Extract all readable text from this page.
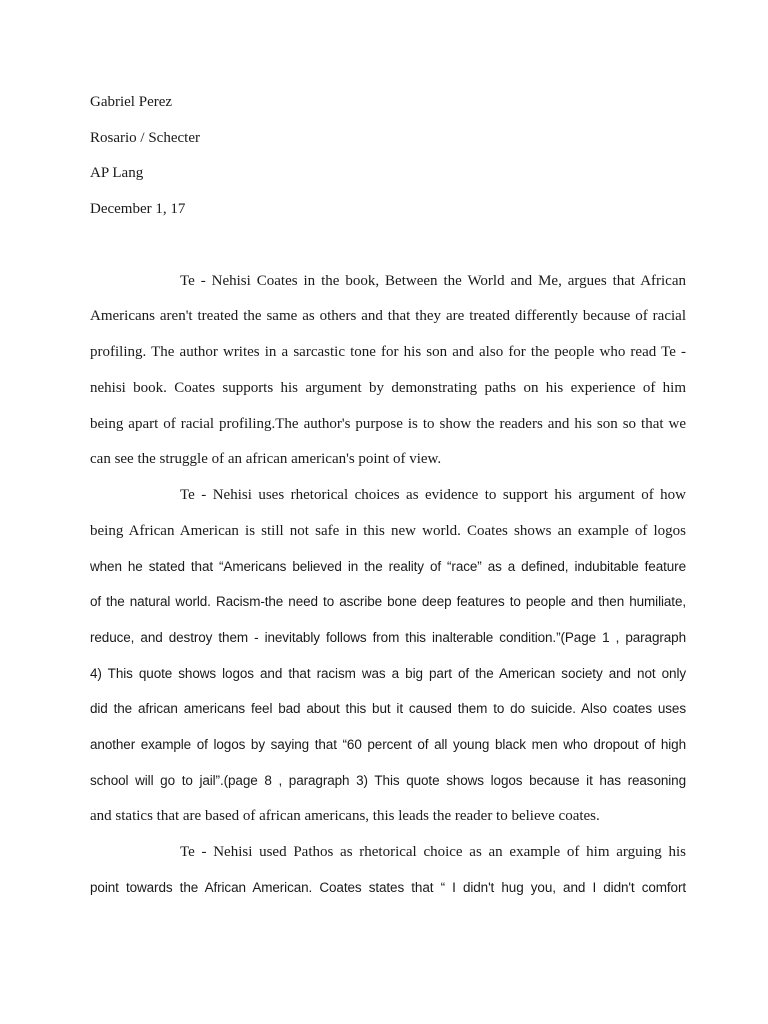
Gabriel Perez
Rosario / Schecter
AP Lang
December 1, 17
Te - Nehisi Coates in the book, Between the World and Me, argues that African
Americans aren't treated the same as others and that they are treated differently because of racial
profiling. The author writes in a sarcastic tone for his son and also for the people who read Te -
nehisi book. Coates supports his argument by demonstrating paths on his experience of him
being apart of racial profiling.The author's purpose is to show the readers and his son so that we
can see the struggle of an african american's point of view.
Te - Nehisi uses rhetorical choices as evidence to support his argument of how
being African American is still not safe in this new world. Coates shows an example of logos
when he stated that “Americans believed in the reality of “race” as a defined, indubitable feature
of the natural world. Racism-the need to ascribe bone deep features to people and then humiliate,
reduce, and destroy them - inevitably follows from this inalterable condition.”(Page 1 , paragraph
4) This quote shows logos and that racism was a big part of the American society and not only
did the african americans feel bad about this but it caused them to do suicide. Also coates uses
another example of logos by saying that “60 percent of all young black men who dropout of high
school will go to jail”.(page 8 , paragraph 3) This quote shows logos because it has reasoning
and statics that are based of african americans, this leads the reader to believe coates.
Te - Nehisi used Pathos as rhetorical choice as an example of him arguing his
point towards the African American. Coates states that “ I didn't hug you, and I didn't comfort
